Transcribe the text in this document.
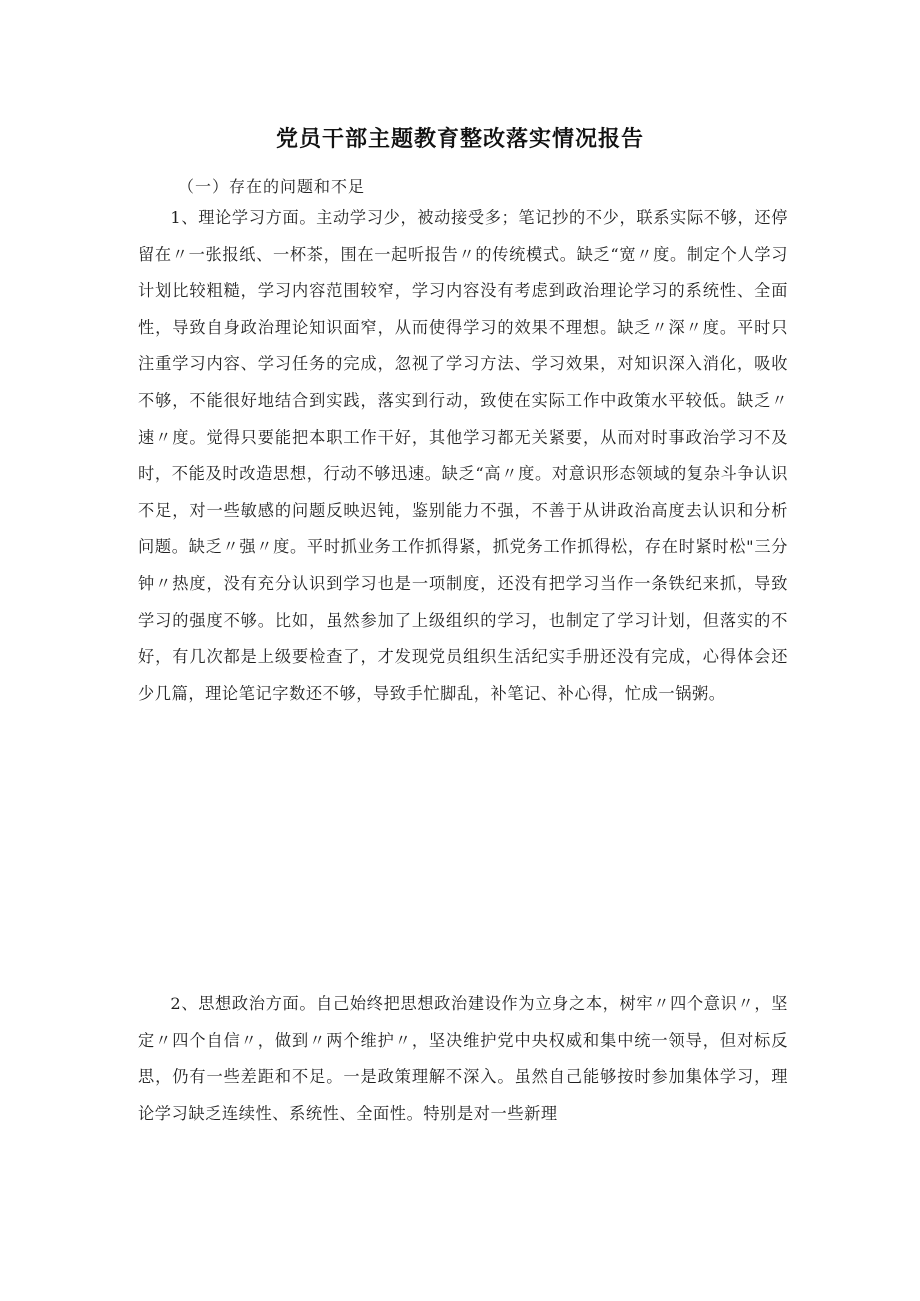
党员干部主题教育整改落实情况报告

（一）存在的问题和不足

1、理论学习方面。主动学习少，被动接受多；笔记抄的不少，联系实际不够，还停留在〃一张报纸、一杯茶，围在一起听报告〃的传统模式。缺乏“宽〃度。制定个人学习计划比较粗糙，学习内容范围较窄，学习内容没有考虑到政治理论学习的系统性、全面性，导致自身政治理论知识面窄，从而使得学习的效果不理想。缺乏〃深〃度。平时只注重学习内容、学习任务的完成，忽视了学习方法、学习效果，对知识深入消化，吸收不够，不能很好地结合到实践，落实到行动，致使在实际工作中政策水平较低。缺乏〃速〃度。觉得只要能把本职工作干好，其他学习都无关紧要，从而对时事政治学习不及时，不能及时改造思想，行动不够迅速。缺乏“高〃度。对意识形态领域的复杂斗争认识不足，对一些敏感的问题反映迟钝，鉴别能力不强，不善于从讲政治高度去认识和分析问题。缺乏〃强〃度。平时抓业务工作抓得紧，抓党务工作抓得松，存在时紧时松"三分钟〃热度，没有充分认识到学习也是一项制度，还没有把学习当作一条铁纪来抓，导致学习的强度不够。比如，虽然参加了上级组织的学习，也制定了学习计划，但落实的不好，有几次都是上级要检查了，才发现党员组织生活纪实手册还没有完成，心得体会还少几篇，理论笔记字数还不够，导致手忙脚乱，补笔记、补心得，忙成一锅粥。

2、思想政治方面。自己始终把思想政治建设作为立身之本，树牢〃四个意识〃，坚定〃四个自信〃，做到〃两个维护〃，坚决维护党中央权威和集中统一领导，但对标反思，仍有一些差距和不足。一是政策理解不深入。虽然自己能够按时参加集体学习，理论学习缺乏连续性、系统性、全面性。特别是对一些新理
